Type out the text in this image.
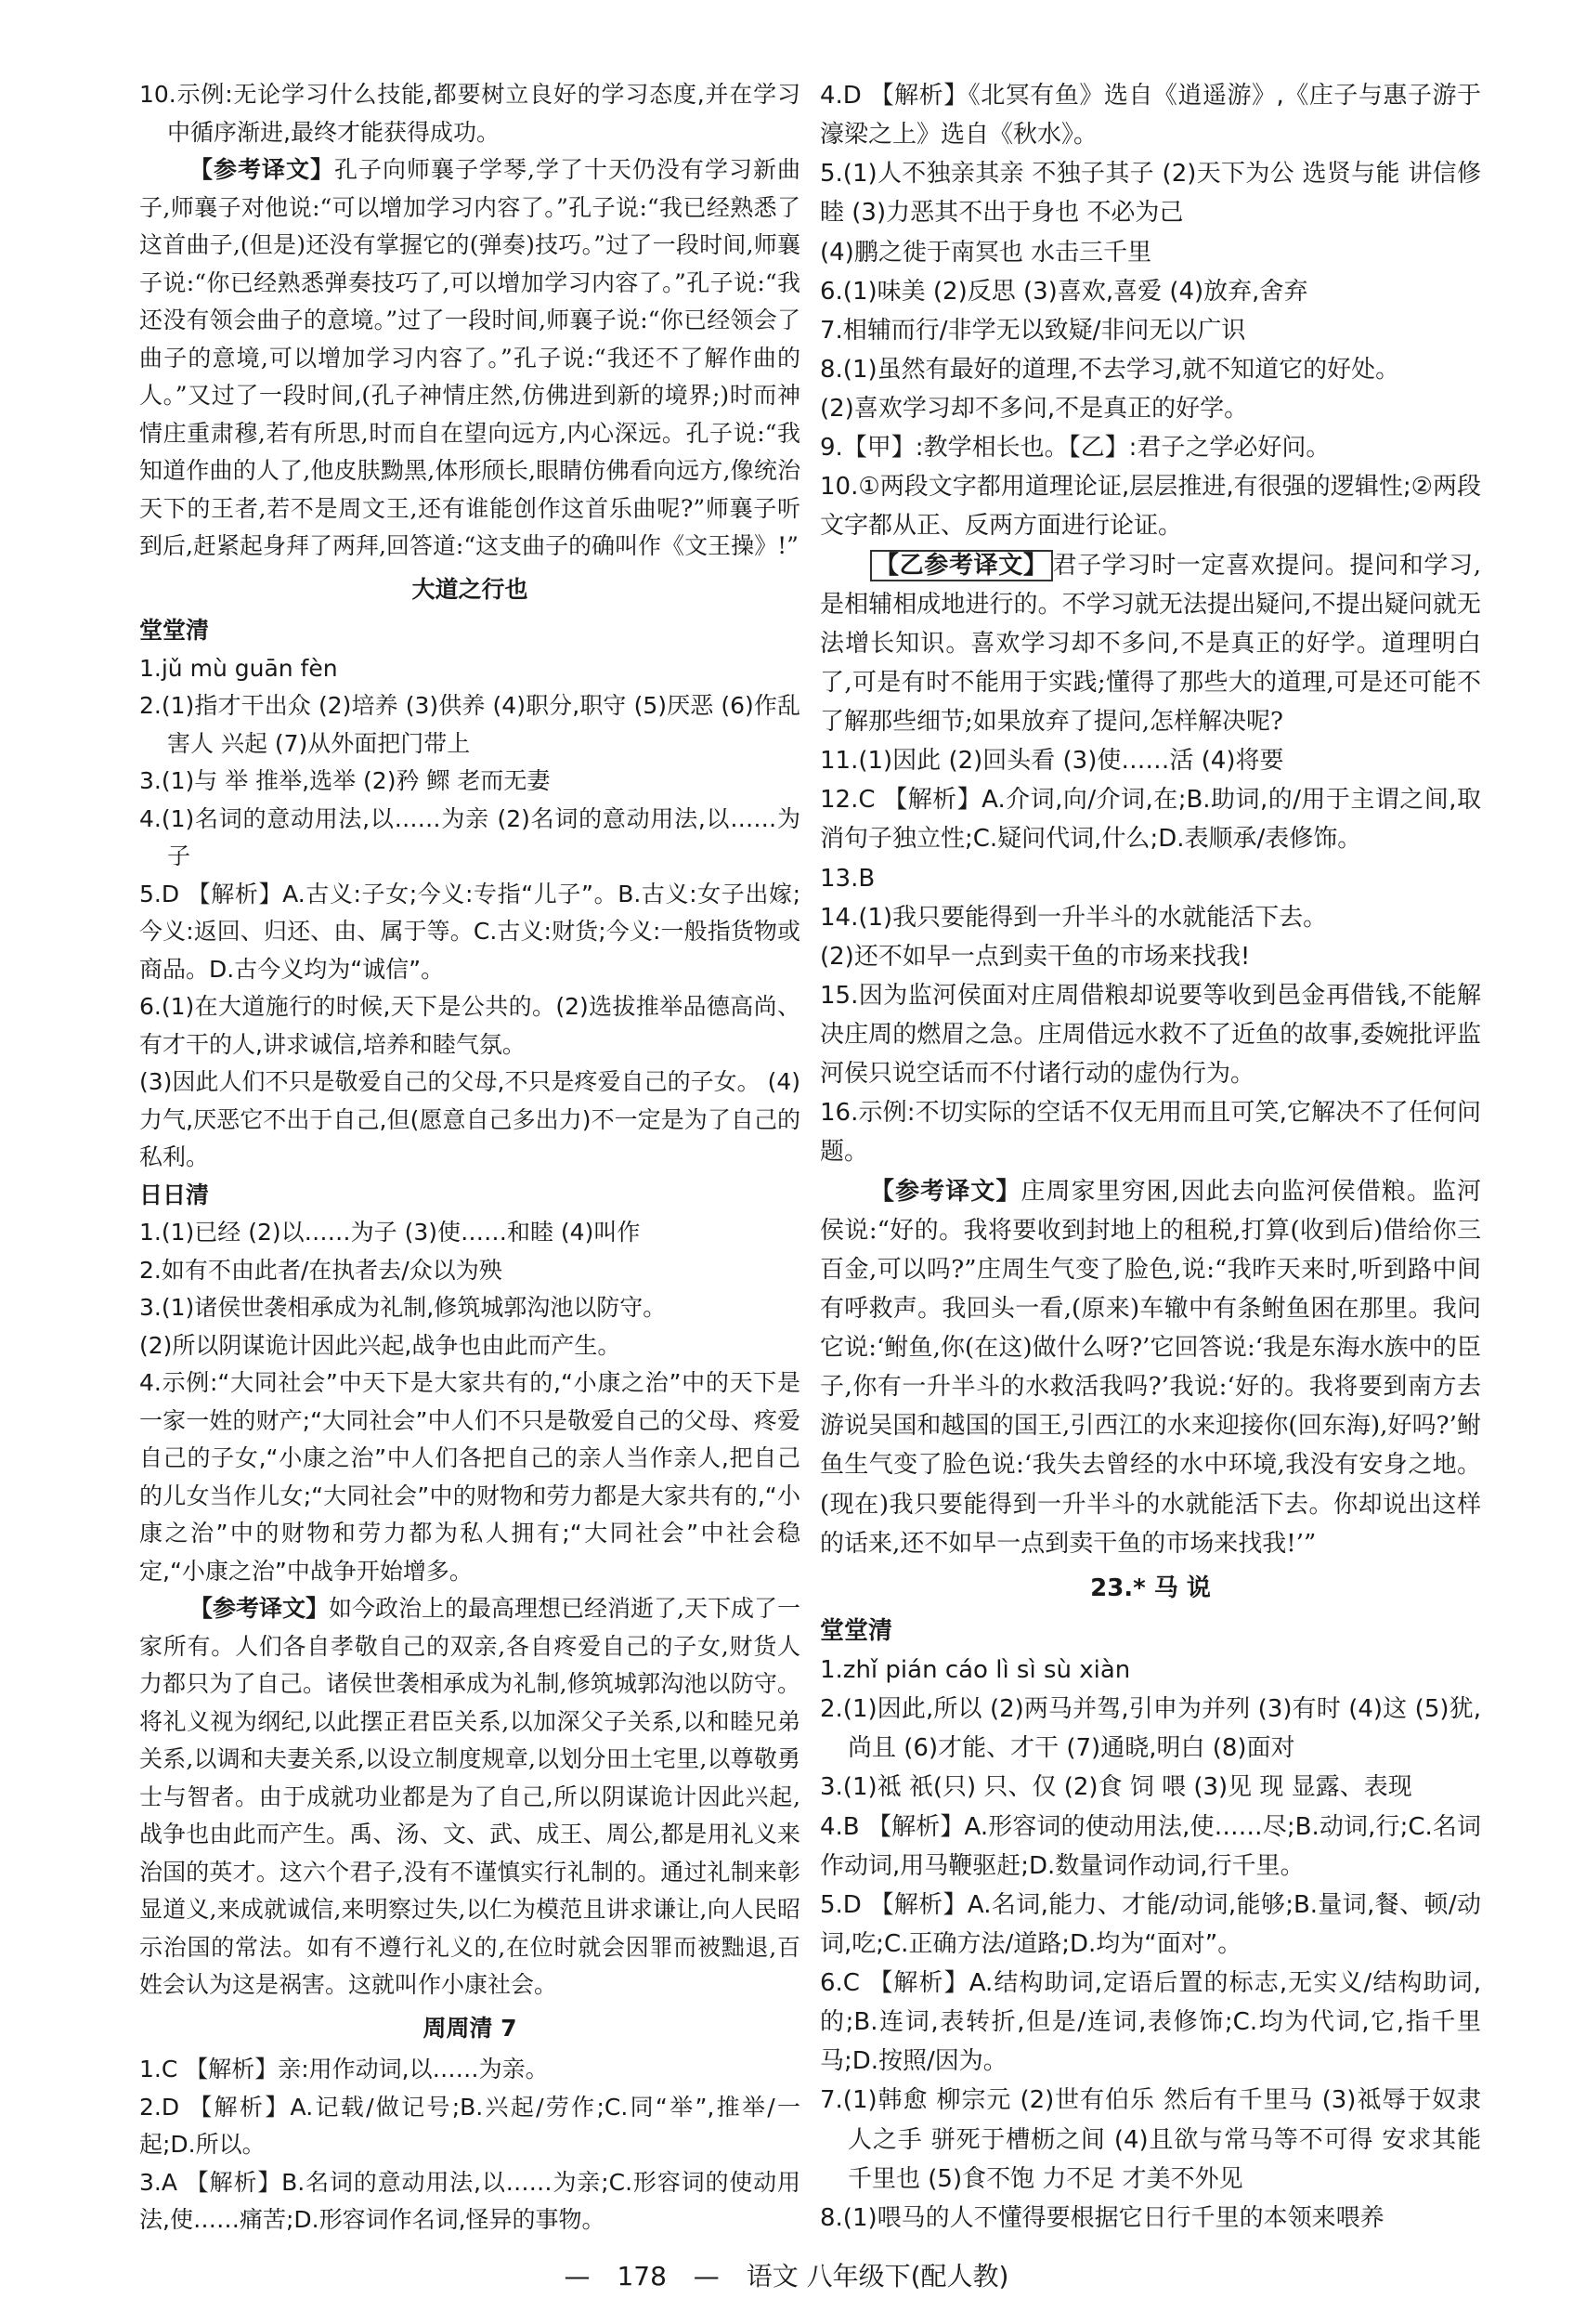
10.示例:无论学习什么技能,都要树立良好的学习态度,并在学习中循序渐进,最终才能获得成功。
【参考译文】孔子向师襄子学琴,学了十天仍没有学习新曲子,师襄子对他说:“可以增加学习内容了。”孔子说:“我已经熟悉了这首曲子,(但是)还没有掌握它的(弹奏)技巧。”过了一段时间,师襄子说:“你已经熟悉弹奏技巧了,可以增加学习内容了。”孔子说:“我还没有领会曲子的意境。”过了一段时间,师襄子说:“你已经领会了曲子的意境,可以增加学习内容了。”孔子说:“我还不了解作曲的人。”又过了一段时间,(孔子神情庄然,仿佛进到新的境界;)时而神情庄重肃穆,若有所思,时而自在望向远方,内心深远。孔子说:“我知道作曲的人了,他皮肤黝黑,体形颀长,眼睛仿佛看向远方,像统治天下的王者,若不是周文王,还有谁能创作这首乐曲呢?”师襄子听到后,赶紧起身拜了两拜,回答道:“这支曲子的确叫作《文王操》!”
大道之行也
堂堂清
1.jǔ mù guān fèn
2.(1)指才干出众 (2)培养 (3)供养 (4)职分,职守 (5)厌恶 (6)作乱害人 兴起 (7)从外面把门带上
3.(1)与 举 推举,选举 (2)矜 鳏 老而无妻
4.(1)名词的意动用法,以……为亲 (2)名词的意动用法,以……为子
5.D 【解析】A.古义:子女;今义:专指“儿子”。B.古义:女子出嫁;今义:返回、归还、由、属于等。C.古义:财货;今义:一般指货物或商品。D.古今义均为“诚信”。
6.(1)在大道施行的时候,天下是公共的。(2)选拔推举品德高尚、有才干的人,讲求诚信,培养和睦气氛。
(3)因此人们不只是敬爱自己的父母,不只是疼爱自己的子女。 (4)力气,厌恶它不出于自己,但(愿意自己多出力)不一定是为了自己的私利。
日日清
1.(1)已经 (2)以……为子 (3)使……和睦 (4)叫作
2.如有不由此者/在执者去/众以为殃
3.(1)诸侯世袭相承成为礼制,修筑城郭沟池以防守。
(2)所以阴谋诡计因此兴起,战争也由此而产生。
4.示例:“大同社会”中天下是大家共有的,“小康之治”中的天下是一家一姓的财产;“大同社会”中人们不只是敬爱自己的父母、疼爱自己的子女,“小康之治”中人们各把自己的亲人当作亲人,把自己的儿女当作儿女;“大同社会”中的财物和劳力都是大家共有的,“小康之治”中的财物和劳力都为私人拥有;“大同社会”中社会稳定,“小康之治”中战争开始增多。
【参考译文】如今政治上的最高理想已经消逝了,天下成了一家所有。人们各自孝敬自己的双亲,各自疼爱自己的子女,财货人力都只为了自己。诸侯世袭相承成为礼制,修筑城郭沟池以防守。将礼义视为纲纪,以此摆正君臣关系,以加深父子关系,以和睦兄弟关系,以调和夫妻关系,以设立制度规章,以划分田土宅里,以尊敬勇士与智者。由于成就功业都是为了自己,所以阴谋诡计因此兴起,战争也由此而产生。禹、汤、文、武、成王、周公,都是用礼义来治国的英才。这六个君子,没有不谨慎实行礼制的。通过礼制来彰显道义,来成就诚信,来明察过失,以仁为模范且讲求谦让,向人民昭示治国的常法。如有不遵行礼义的,在位时就会因罪而被黜退,百姓会认为这是祸害。这就叫作小康社会。
周周清 7
1.C 【解析】亲:用作动词,以……为亲。
2.D 【解析】A.记载/做记号;B.兴起/劳作;C.同“举”,推举/一起;D.所以。
3.A 【解析】B.名词的意动用法,以……为亲;C.形容词的使动用法,使……痛苦;D.形容词作名词,怪异的事物。
4.D 【解析】《北冥有鱼》选自《逍遥游》,《庄子与惠子游于濠梁之上》选自《秋水》。
5.(1)人不独亲其亲 不独子其子 (2)天下为公 选贤与能 讲信修睦 (3)力恶其不出于身也 不必为己
(4)鹏之徙于南冥也 水击三千里
6.(1)味美 (2)反思 (3)喜欢,喜爱 (4)放弃,舍弃
7.相辅而行/非学无以致疑/非问无以广识
8.(1)虽然有最好的道理,不去学习,就不知道它的好处。
(2)喜欢学习却不多问,不是真正的好学。
9.【甲】:教学相长也。【乙】:君子之学必好问。
10.①两段文字都用道理论证,层层推进,有很强的逻辑性;②两段文字都从正、反两方面进行论证。
【乙参考译文】 君子学习时一定喜欢提问。提问和学习,是相辅相成地进行的。不学习就无法提出疑问,不提出疑问就无法增长知识。喜欢学习却不多问,不是真正的好学。道理明白了,可是有时不能用于实践;懂得了那些大的道理,可是还可能不了解那些细节;如果放弃了提问,怎样解决呢?
11.(1)因此 (2)回头看 (3)使……活 (4)将要
12.C 【解析】A.介词,向/介词,在;B.助词,的/用于主谓之间,取消句子独立性;C.疑问代词,什么;D.表顺承/表修饰。
13.B
14.(1)我只要能得到一升半斗的水就能活下去。
(2)还不如早一点到卖干鱼的市场来找我!
15.因为监河侯面对庄周借粮却说要等收到邑金再借钱,不能解决庄周的燃眉之急。庄周借远水救不了近鱼的故事,委婉批评监河侯只说空话而不付诸行动的虚伪行为。
16.示例:不切实际的空话不仅无用而且可笑,它解决不了任何问题。
【参考译文】庄周家里穷困,因此去向监河侯借粮。监河侯说:“好的。我将要收到封地上的租税,打算(收到后)借给你三百金,可以吗?”庄周生气变了脸色,说:“我昨天来时,听到路中间有呼救声。我回头一看,(原来)车辙中有条鲋鱼困在那里。我问它说:‘鲋鱼,你(在这)做什么呀?’它回答说:‘我是东海水族中的臣子,你有一升半斗的水救活我吗?’我说:‘好的。我将要到南方去游说吴国和越国的国王,引西江的水来迎接你(回东海),好吗?’鲋鱼生气变了脸色说:‘我失去曾经的水中环境,我没有安身之地。(现在)我只要能得到一升半斗的水就能活下去。你却说出这样的话来,还不如早一点到卖干鱼的市场来找我!’”
23.* 马 说
堂堂清
1.zhǐ pián cáo lì sì sù xiàn
2.(1)因此,所以 (2)两马并驾,引申为并列 (3)有时 (4)这 (5)犹,尚且 (6)才能、才干 (7)通晓,明白 (8)面对
3.(1)祗 祇(只) 只、仅 (2)食 饲 喂 (3)见 现 显露、表现
4.B 【解析】A.形容词的使动用法,使……尽;B.动词,行;C.名词作动词,用马鞭驱赶;D.数量词作动词,行千里。
5.D 【解析】A.名词,能力、才能/动词,能够;B.量词,餐、顿/动词,吃;C.正确方法/道路;D.均为“面对”。
6.C 【解析】A.结构助词,定语后置的标志,无实义/结构助词,的;B.连词,表转折,但是/连词,表修饰;C.均为代词,它,指千里马;D.按照/因为。
7.(1)韩愈 柳宗元 (2)世有伯乐 然后有千里马 (3)祗辱于奴隶人之手 骈死于槽枥之间 (4)且欲与常马等不可得 安求其能千里也 (5)食不饱 力不足 才美不外见
8.(1)喂马的人不懂得要根据它日行千里的本领来喂养
— 178 — 语文 八年级下(配人教)
